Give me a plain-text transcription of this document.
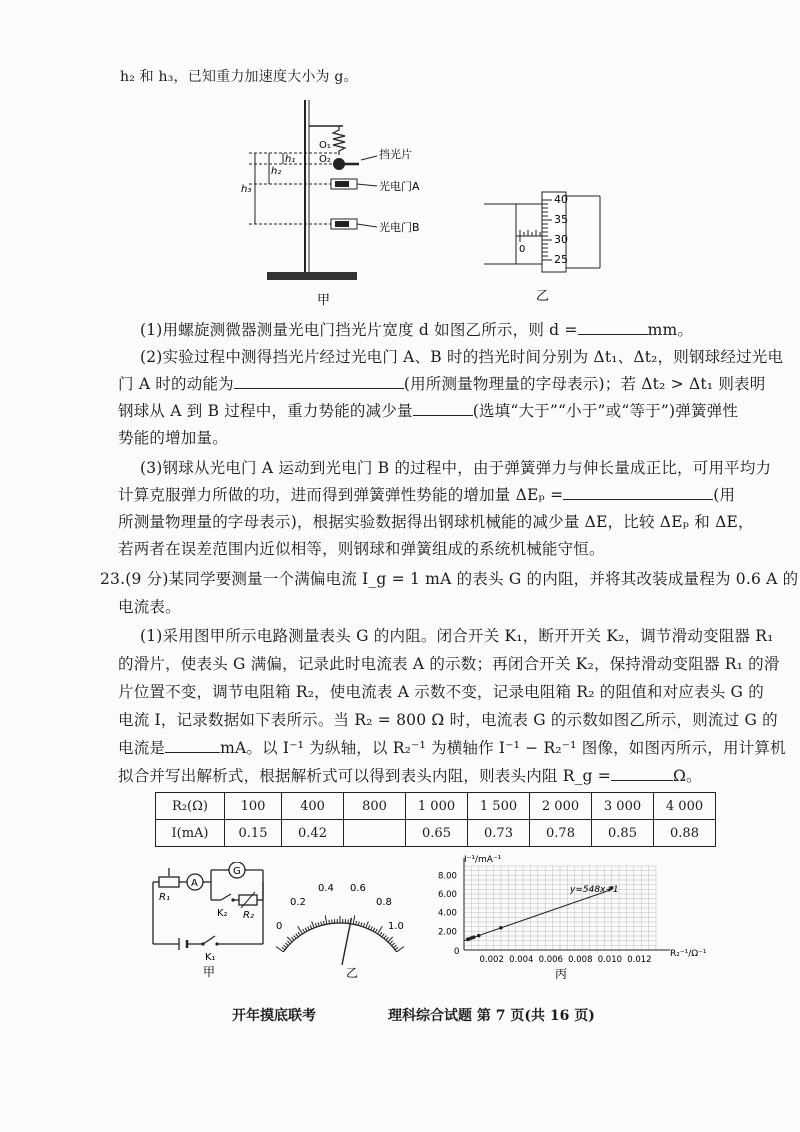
h₂ 和 h₃，已知重力加速度大小为 g。
O₁
O₂
h₁
h₂
h₃
挡光片
光电门A
光电门B
甲
40
35
30
25
0
乙
(1)用螺旋测微器测量光电门挡光片宽度 d 如图乙所示，则 d =	mm。
(2)实验过程中测得挡光片经过光电门 A、B 时的挡光时间分别为 Δt₁、Δt₂，则钢球经过光电
门 A 时的动能为	(用所测量物理量的字母表示)；若 Δt₂ > Δt₁ 则表明
钢球从 A 到 B 过程中，重力势能的减少量	(选填“大于”“小于”或“等于”)弹簧弹性
势能的增加量。
(3)钢球从光电门 A 运动到光电门 B 的过程中，由于弹簧弹力与伸长量成正比，可用平均力
计算克服弹力所做的功，进而得到弹簧弹性势能的增加量 ΔEₚ =	(用
所测量物理量的字母表示)，根据实验数据得出钢球机械能的减少量 ΔE，比较 ΔEₚ 和 ΔE，
若两者在误差范围内近似相等，则钢球和弹簧组成的系统机械能守恒。
23.(9 分)某同学要测量一个满偏电流 I_g = 1 mA 的表头 G 的内阻，并将其改装成量程为 0.6 A 的
电流表。
(1)采用图甲所示电路测量表头 G 的内阻。闭合开关 K₁，断开开关 K₂，调节滑动变阻器 R₁
的滑片，使表头 G 满偏，记录此时电流表 A 的示数；再闭合开关 K₂，保持滑动变阻器 R₁ 的滑
片位置不变，调节电阻箱 R₂，使电流表 A 示数不变，记录电阻箱 R₂ 的阻值和对应表头 G 的
电流 I，记录数据如下表所示。当 R₂ = 800 Ω 时，电流表 G 的示数如图乙所示，则流过 G 的
电流是	mA。以 I⁻¹ 为纵轴，以 R₂⁻¹ 为横轴作 I⁻¹ − R₂⁻¹ 图像，如图丙所示，用计算机
拟合并写出解析式，根据解析式可以得到表头内阻，则表头内阻 R_g =	Ω。
R₂(Ω)	100	400	800	1 000	1 500	2 000	3 000	4 000
I(mA)	0.15	0.42		0.65	0.73	0.78	0.85	0.88
R₁
A
G
K₂ R₂
K₁
甲
0
0.2
0.4 0.6
0.8
1.0
乙
0.002 0.004 0.006 0.008 0.010 0.012
8.00
6.00
4.00
2.00
0
I⁻¹/mA⁻¹
R₂⁻¹/Ω⁻¹
y=548x+1
丙
开年摸底联考	理科综合试题 第 7 页(共 16 页)
